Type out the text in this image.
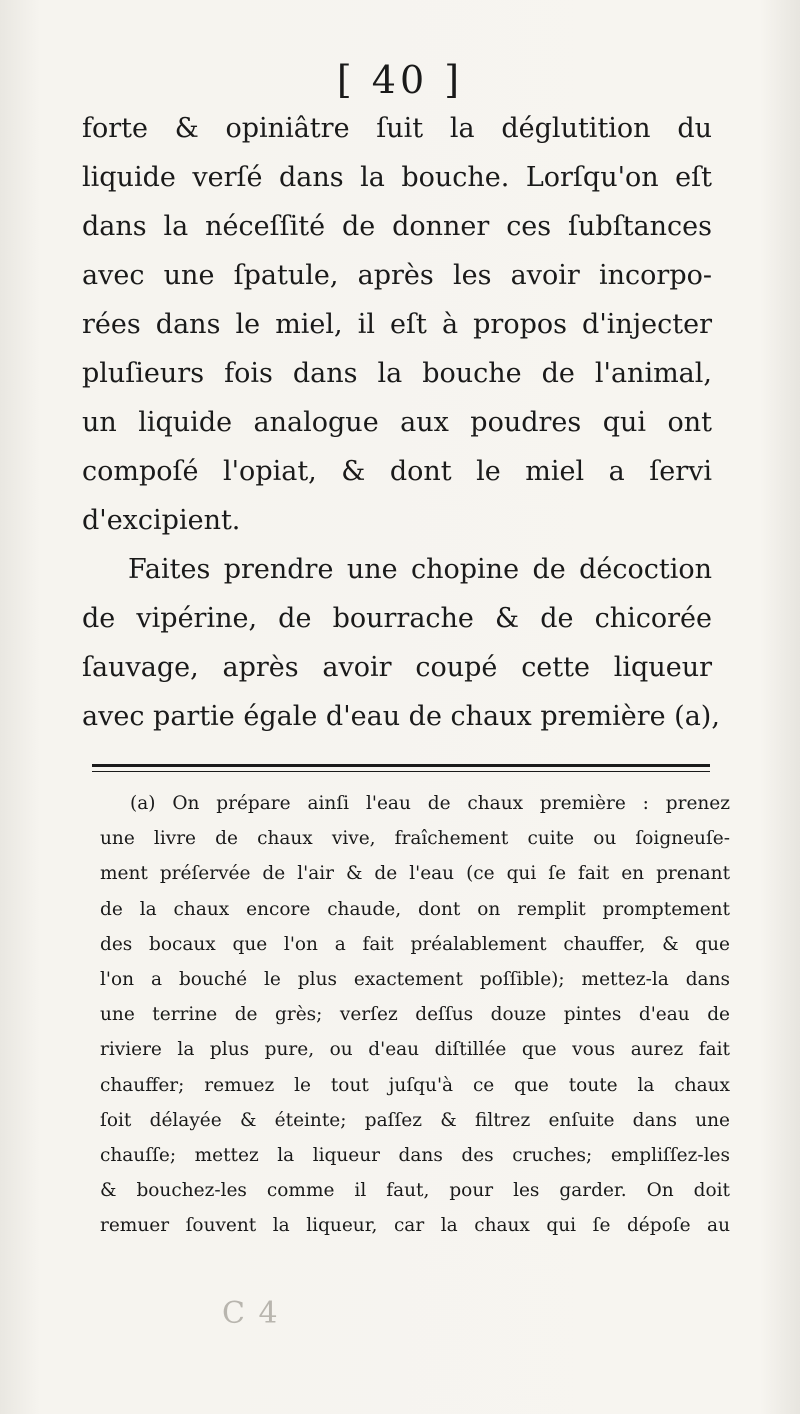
[ 40 ]
forte & opiniâtre ſuit la déglutition du
liquide verſé dans la bouche. Lorſqu'on eſt
dans la néceſſité de donner ces ſubſtances
avec une ſpatule, après les avoir incorpo-
rées dans le miel, il eſt à propos d'injecter
pluſieurs fois dans la bouche de l'animal,
un liquide analogue aux poudres qui ont
compoſé l'opiat, & dont le miel a ſervi
d'excipient.
Faites prendre une chopine de décoction
de vipérine, de bourrache & de chicorée
ſauvage, après avoir coupé cette liqueur
avec partie égale d'eau de chaux première (a),
(a) On prépare ainſi l'eau de chaux première : prenez
une livre de chaux vive, fraîchement cuite ou ſoigneuſe-
ment préſervée de l'air & de l'eau (ce qui ſe fait en prenant
de la chaux encore chaude, dont on remplit promptement
des bocaux que l'on a fait préalablement chauffer, & que
l'on a bouché le plus exactement poſſible); mettez-la dans
une terrine de grès; verſez deſſus douze pintes d'eau de
riviere la plus pure, ou d'eau diſtillée que vous aurez fait
chauffer; remuez le tout juſqu'à ce que toute la chaux
ſoit délayée & éteinte; paſſez & filtrez enſuite dans une
chauſſe; mettez la liqueur dans des cruches; empliſſez-les
& bouchez-les comme il faut, pour les garder. On doit
remuer ſouvent la liqueur, car la chaux qui ſe dépoſe au
C 4
